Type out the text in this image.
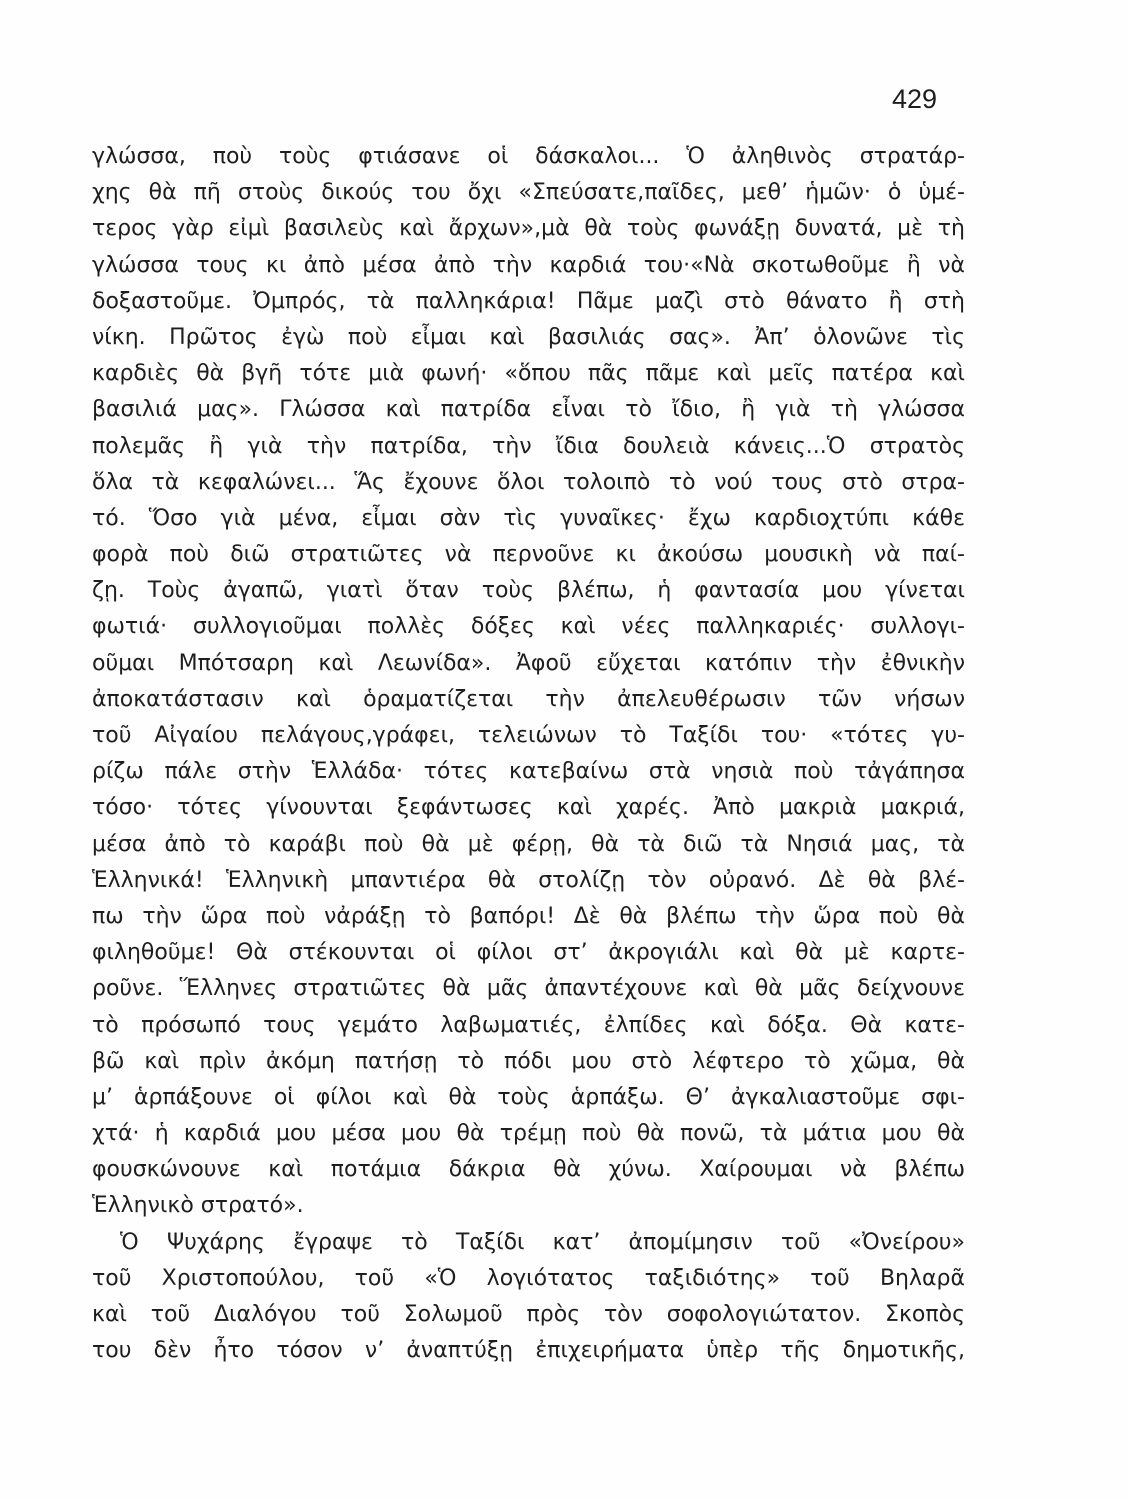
429
γλώσσα, ποὺ τοὺς φτιάσανε οἱ δάσκαλοι... Ὁ ἀληθινὸς στρατάρ-
χης θὰ πῆ στοὺς δικούς του ὄχι «Σπεύσατε,παῖδες, μεθ’ ἡμῶν· ὁ ὑμέ-
τερος γὰρ εἰμὶ βασιλεὺς καὶ ἄρχων»,μὰ θὰ τοὺς φωνάξῃ δυνατά, μὲ τὴ
γλώσσα τους κι ἀπὸ μέσα ἀπὸ τὴν καρδιά του·«Νὰ σκοτωθοῦμε ἢ νὰ
δοξαστοῦμε. Ὀμπρός, τὰ παλληκάρια! Πᾶμε μαζὶ στὸ θάνατο ἢ στὴ
νίκη. Πρῶτος ἐγὼ ποὺ εἶμαι καὶ βασιλιάς σας». Ἀπ’ ὁλονῶνε τὶς
καρδιὲς θὰ βγῆ τότε μιὰ φωνή· «ὅπου πᾶς πᾶμε καὶ μεῖς πατέρα καὶ
βασιλιά μας». Γλώσσα καὶ πατρίδα εἶναι τὸ ἴδιο, ἢ γιὰ τὴ γλώσσα
πολεμᾶς ἢ γιὰ τὴν πατρίδα, τὴν ἴδια δουλειὰ κάνεις...Ὁ στρατὸς
ὅλα τὰ κεφαλώνει... Ἅς ἔχουνε ὅλοι τολοιπὸ τὸ νού τους στὸ στρα-
τό. Ὅσο γιὰ μένα, εἶμαι σὰν τὶς γυναῖκες· ἔχω καρδιοχτύπι κάθε
φορὰ ποὺ διῶ στρατιῶτες νὰ περνοῦνε κι ἀκούσω μουσικὴ νὰ παί-
ζῃ. Τοὺς ἀγαπῶ, γιατὶ ὅταν τοὺς βλέπω, ἡ φαντασία μου γίνεται
φωτιά· συλλογιοῦμαι πολλὲς δόξες καὶ νέες παλληκαριές· συλλογι-
οῦμαι Μπότσαρη καὶ Λεωνίδα». Ἀφοῦ εὔχεται κατόπιν τὴν ἐθνικὴν
ἀποκατάστασιν καὶ ὁραματίζεται τὴν ἀπελευθέρωσιν τῶν νήσων
τοῦ Αἰγαίου πελάγους,γράφει, τελειώνων τὸ Ταξίδι του· «τότες γυ-
ρίζω πάλε στὴν Ἑλλάδα· τότες κατεβαίνω στὰ νησιὰ ποὺ τἀγάπησα
τόσο· τότες γίνουνται ξεφάντωσες καὶ χαρές. Ἀπὸ μακριὰ μακριά,
μέσα ἀπὸ τὸ καράβι ποὺ θὰ μὲ φέρῃ, θὰ τὰ διῶ τὰ Νησιά μας, τὰ
Ἑλληνικά! Ἑλληνικὴ μπαντιέρα θὰ στολίζῃ τὸν οὐρανό. Δὲ θὰ βλέ-
πω τὴν ὥρα ποὺ νἀράξῃ τὸ βαπόρι! Δὲ θὰ βλέπω τὴν ὥρα ποὺ θὰ
φιληθοῦμε! Θὰ στέκουνται οἱ φίλοι στ’ ἀκρογιάλι καὶ θὰ μὲ καρτε-
ροῦνε. Ἕλληνες στρατιῶτες θὰ μᾶς ἀπαντέχουνε καὶ θὰ μᾶς δείχνουνε
τὸ πρόσωπό τους γεμάτο λαβωματιές, ἐλπίδες καὶ δόξα. Θὰ κατε-
βῶ καὶ πρὶν ἀκόμη πατήσῃ τὸ πόδι μου στὸ λέφτερο τὸ χῶμα, θὰ
μ’ ἁρπάξουνε οἱ φίλοι καὶ θὰ τοὺς ἁρπάξω. Θ’ ἀγκαλιαστοῦμε σφι-
χτά· ἡ καρδιά μου μέσα μου θὰ τρέμῃ ποὺ θὰ πονῶ, τὰ μάτια μου θὰ
φουσκώνουνε καὶ ποτάμια δάκρια θὰ χύνω. Χαίρουμαι νὰ βλέπω
Ἑλληνικὸ στρατό».
Ὁ Ψυχάρης ἔγραψε τὸ Ταξίδι κατ’ ἀπομίμησιν τοῦ «Ὀνείρου»
τοῦ Χριστοπούλου, τοῦ «Ὁ λογιότατος ταξιδιότης» τοῦ Βηλαρᾶ
καὶ τοῦ Διαλόγου τοῦ Σολωμοῦ πρὸς τὸν σοφολογιώτατον. Σκοπὸς
του δὲν ἦτο τόσον ν’ ἀναπτύξῃ ἐπιχειρήματα ὑπὲρ τῆς δημοτικῆς,
